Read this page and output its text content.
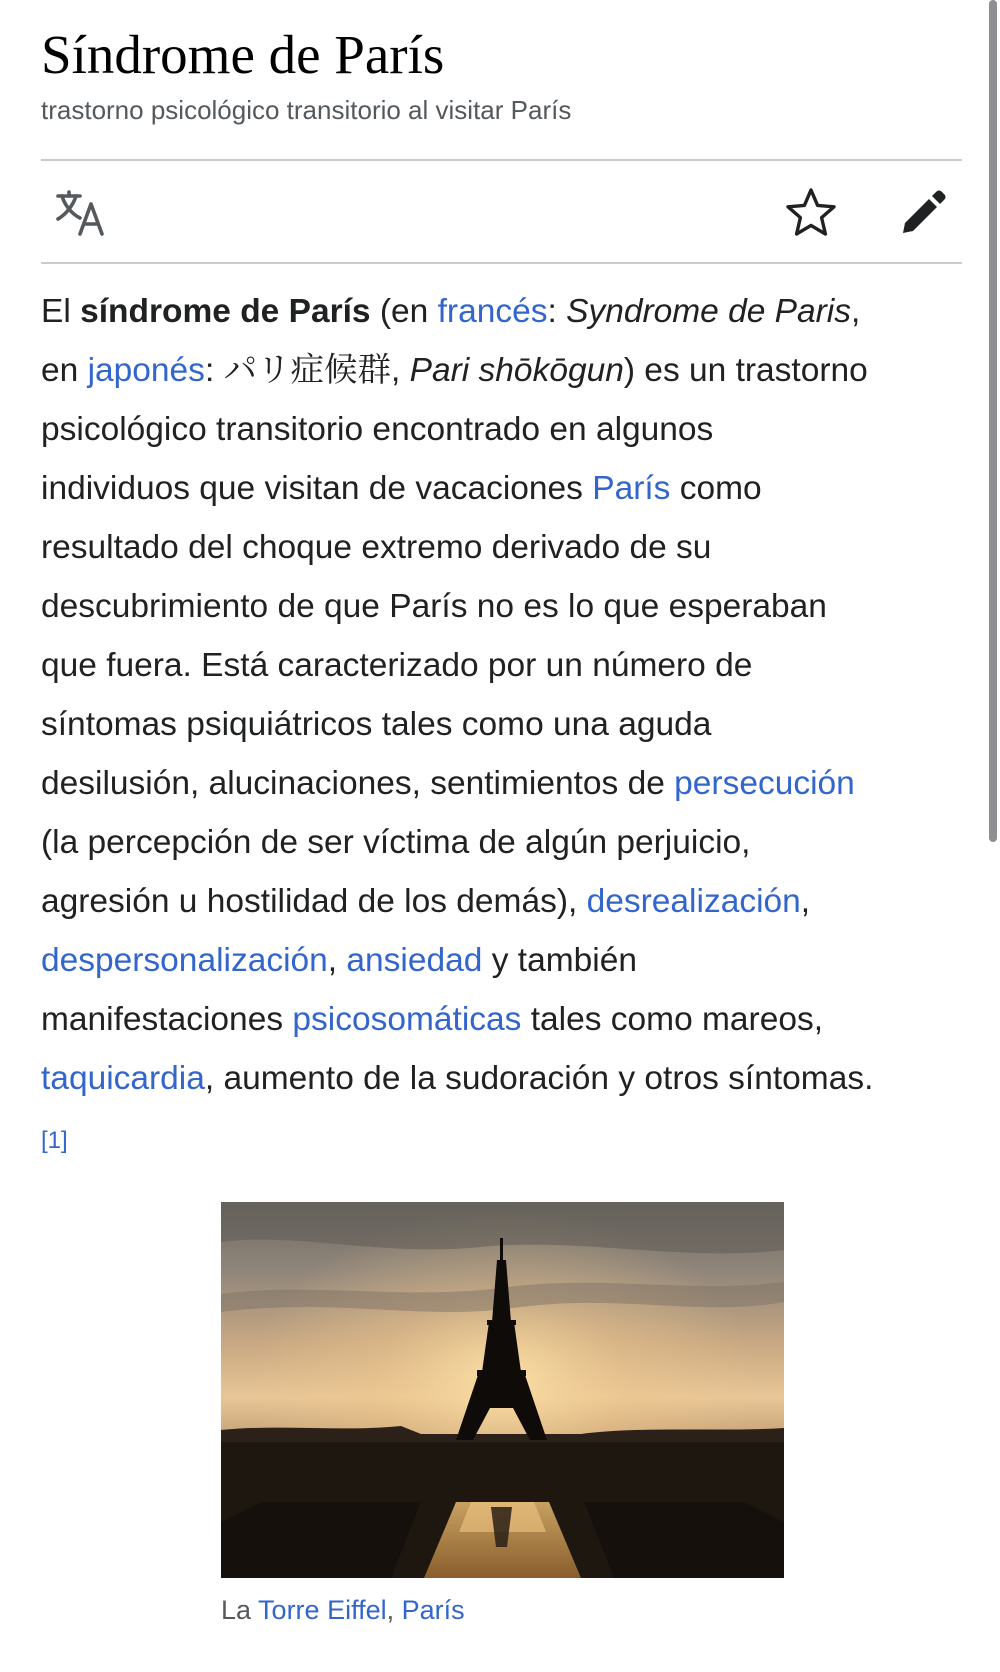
Síndrome de París
trastorno psicológico transitorio al visitar París

El síndrome de París (en francés: Syndrome de Paris,
en japonés: パリ症候群, Pari shōkōgun) es un trastorno
psicológico transitorio encontrado en algunos
individuos que visitan de vacaciones París como
resultado del choque extremo derivado de su
descubrimiento de que París no es lo que esperaban
que fuera. Está caracterizado por un número de
síntomas psiquiátricos tales como una aguda
desilusión, alucinaciones, sentimientos de persecución
(la percepción de ser víctima de algún perjuicio,
agresión u hostilidad de los demás), desrealización,
despersonalización, ansiedad y también
manifestaciones psicosomáticas tales como mareos,
taquicardia, aumento de la sudoración y otros síntomas.
[1]

La Torre Eiffel, París
